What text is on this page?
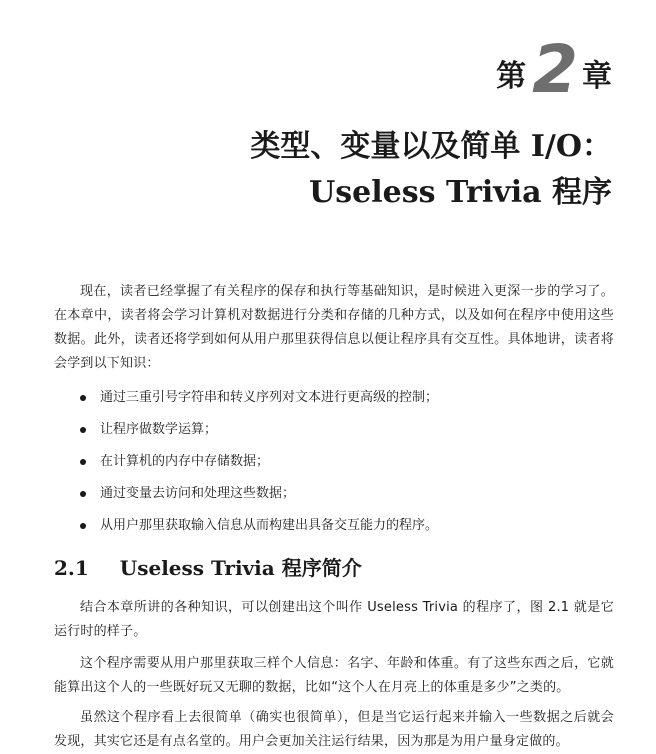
第 2 章
类型、变量以及简单 I/O：
Useless Trivia 程序

现在，读者已经掌握了有关程序的保存和执行等基础知识，是时候进入更深一步的学习了。在本章中，读者将会学习计算机对数据进行分类和存储的几种方式，以及如何在程序中使用这些数据。此外，读者还将学到如何从用户那里获得信息以便让程序具有交互性。具体地讲，读者将会学到以下知识：

通过三重引号字符串和转义序列对文本进行更高级的控制；
让程序做数学运算；
在计算机的内存中存储数据；
通过变量去访问和处理这些数据；
从用户那里获取输入信息从而构建出具备交互能力的程序。
2.1 Useless Trivia 程序简介

结合本章所讲的各种知识，可以创建出这个叫作 Useless Trivia 的程序了，图 2.1 就是它运行时的样子。

这个程序需要从用户那里获取三样个人信息：名字、年龄和体重。有了这些东西之后，它就能算出这个人的一些既好玩又无聊的数据，比如“这个人在月亮上的体重是多少”之类的。

虽然这个程序看上去很简单（确实也很简单），但是当它运行起来并输入一些数据之后就会发现，其实它还是有点名堂的。用户会更加关注运行结果，因为那是为用户量身定做的。
